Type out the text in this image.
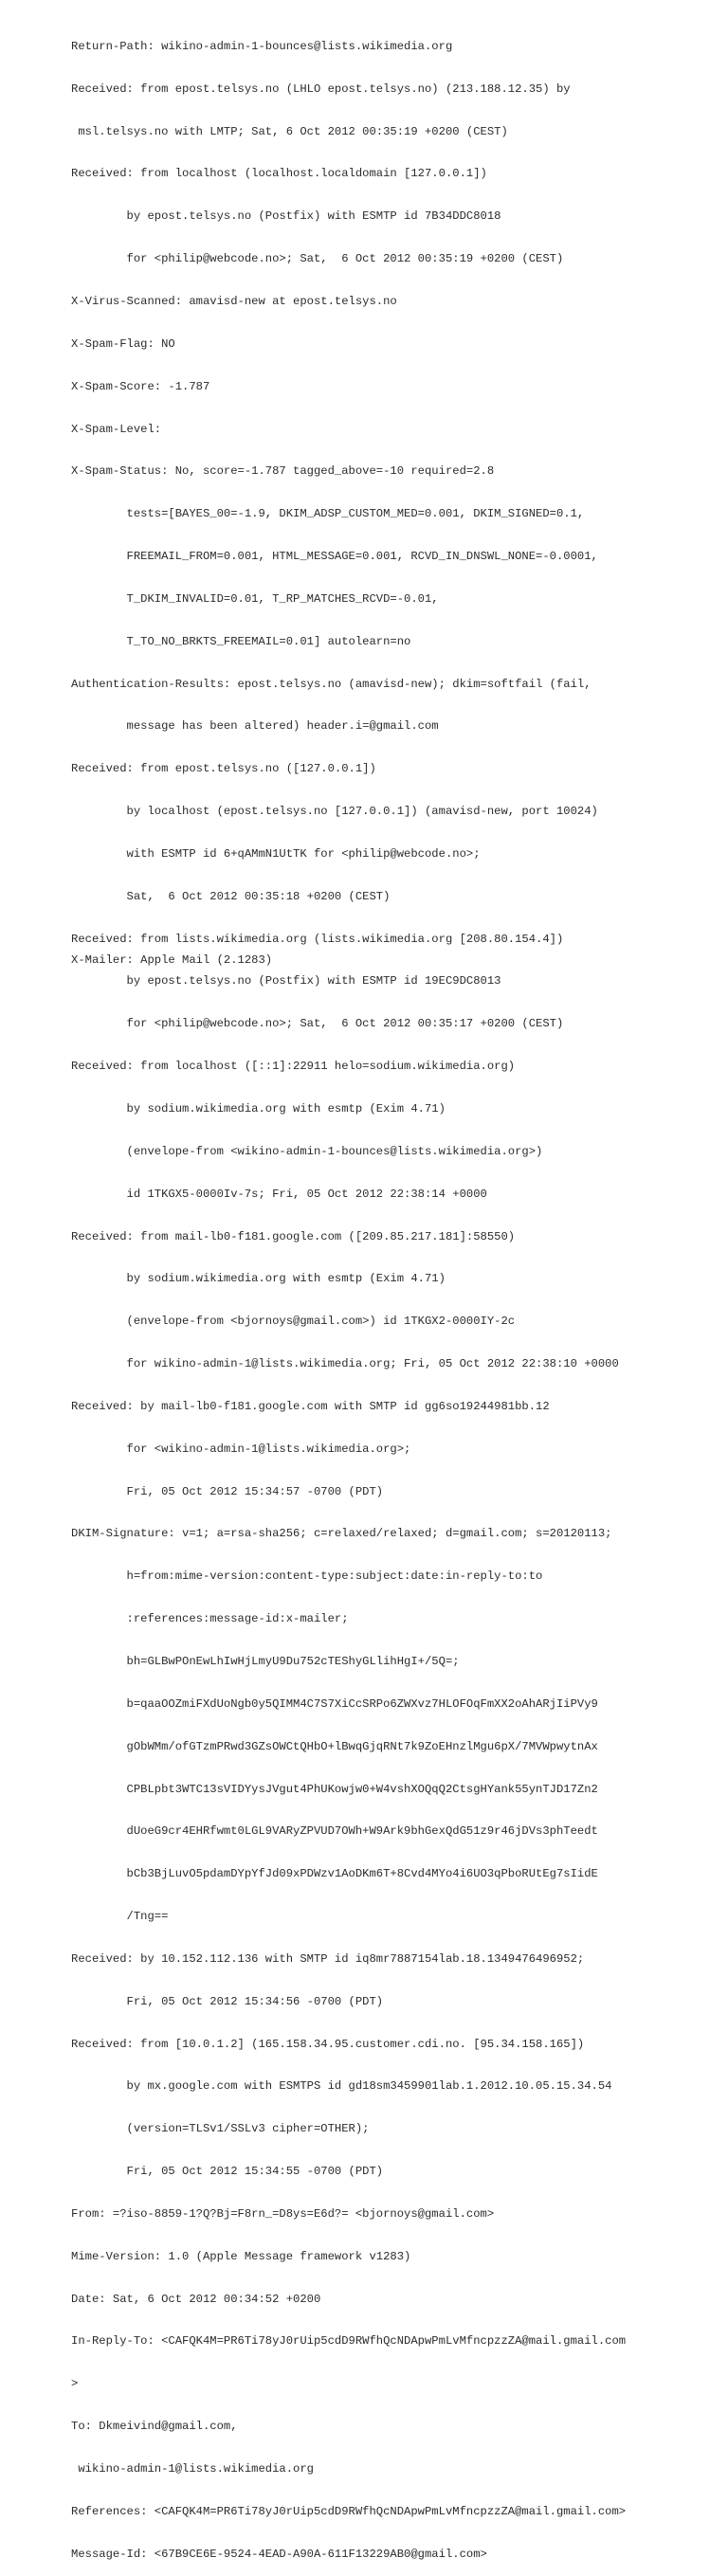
Return-Path: wikino-admin-1-bounces@lists.wikimedia.org

Received: from epost.telsys.no (LHLO epost.telsys.no) (213.188.12.35) by

msl.telsys.no with LMTP; Sat, 6 Oct 2012 00:35:19 +0200 (CEST)

Received: from localhost (localhost.localdomain [127.0.0.1])

by epost.telsys.no (Postfix) with ESMTP id 7B34DDC8018

for <philip@webcode.no>; Sat,  6 Oct 2012 00:35:19 +0200 (CEST)

X-Virus-Scanned: amavisd-new at epost.telsys.no

X-Spam-Flag: NO

X-Spam-Score: -1.787

X-Spam-Level:

X-Spam-Status: No, score=-1.787 tagged_above=-10 required=2.8

tests=[BAYES_00=-1.9, DKIM_ADSP_CUSTOM_MED=0.001, DKIM_SIGNED=0.1,

FREEMAIL_FROM=0.001, HTML_MESSAGE=0.001, RCVD_IN_DNSWL_NONE=-0.0001,

T_DKIM_INVALID=0.01, T_RP_MATCHES_RCVD=-0.01,

T_TO_NO_BRKTS_FREEMAIL=0.01] autolearn=no

Authentication-Results: epost.telsys.no (amavisd-new); dkim=softfail (fail,

message has been altered) header.i=@gmail.com

Received: from epost.telsys.no ([127.0.0.1])

by localhost (epost.telsys.no [127.0.0.1]) (amavisd-new, port 10024)

with ESMTP id 6+qAMmN1UtTK for <philip@webcode.no>;

Sat,  6 Oct 2012 00:35:18 +0200 (CEST)

Received: from lists.wikimedia.org (lists.wikimedia.org [208.80.154.4])

by epost.telsys.no (Postfix) with ESMTP id 19EC9DC8013

for <philip@webcode.no>; Sat,  6 Oct 2012 00:35:17 +0200 (CEST)

Received: from localhost ([::1]:22911 helo=sodium.wikimedia.org)

by sodium.wikimedia.org with esmtp (Exim 4.71)

(envelope-from <wikino-admin-1-bounces@lists.wikimedia.org>)

id 1TKGX5-0000Iv-7s; Fri, 05 Oct 2012 22:38:14 +0000

Received: from mail-lb0-f181.google.com ([209.85.217.181]:58550)

by sodium.wikimedia.org with esmtp (Exim 4.71)

(envelope-from <bjornoys@gmail.com>) id 1TKGX2-0000IY-2c

for wikino-admin-1@lists.wikimedia.org; Fri, 05 Oct 2012 22:38:10 +0000

Received: by mail-lb0-f181.google.com with SMTP id gg6so19244981bb.12

for <wikino-admin-1@lists.wikimedia.org>;

Fri, 05 Oct 2012 15:34:57 -0700 (PDT)

DKIM-Signature: v=1; a=rsa-sha256; c=relaxed/relaxed; d=gmail.com; s=20120113;

h=from:mime-version:content-type:subject:date:in-reply-to:to

:references:message-id:x-mailer;

bh=GLBwPOnEwLhIwHjLmyU9Du752cTEShyGLlihHgI+/5Q=;

b=qaaOOZmiFXdUoNgb0y5QIMM4C7S7XiCcSRPo6ZWXvz7HLOFOqFmXX2oAhARjIiPVy9

gObWMm/ofGTzmPRwd3GZsOWCtQHbO+lBwqGjqRNt7k9ZoEHnzlMgu6pX/7MVWpwytnAx

CPBLpbt3WTC13sVIDYysJVgut4PhUKowjw0+W4vshXOQqQ2CtsgHYank55ynTJD17Zn2

dUoeG9cr4EHRfwmt0LGL9VARyZPVUD7OWh+W9Ark9bhGexQdG51z9r46jDVs3phTeedt

bCb3BjLuvO5pdamDYpYfJd09xPDWzv1AoDKm6T+8Cvd4MYo4i6UO3qPboRUtEg7sIidE

/Tng==

Received: by 10.152.112.136 with SMTP id iq8mr7887154lab.18.1349476496952;

Fri, 05 Oct 2012 15:34:56 -0700 (PDT)

Received: from [10.0.1.2] (165.158.34.95.customer.cdi.no. [95.34.158.165])

by mx.google.com with ESMTPS id gd18sm3459901lab.1.2012.10.05.15.34.54

(version=TLSv1/SSLv3 cipher=OTHER);

Fri, 05 Oct 2012 15:34:55 -0700 (PDT)

From: =?iso-8859-1?Q?Bj=F8rn_=D8ys=E6d?= <bjornoys@gmail.com>

Mime-Version: 1.0 (Apple Message framework v1283)

Date: Sat, 6 Oct 2012 00:34:52 +0200

In-Reply-To: <CAFQK4M=PR6Ti78yJ0rUip5cdD9RWfhQcNDApwPmLvMfncpzzZA@mail.gmail.com

>

To: Dkmeivind@gmail.com,

wikino-admin-1@lists.wikimedia.org

References: <CAFQK4M=PR6Ti78yJ0rUip5cdD9RWfhQcNDApwPmLvMfncpzzZA@mail.gmail.com>

Message-Id: <67B9CE6E-9524-4EAD-A90A-611F13229AB0@gmail.com>

X-Mailer: Apple Mail (2.1283)
